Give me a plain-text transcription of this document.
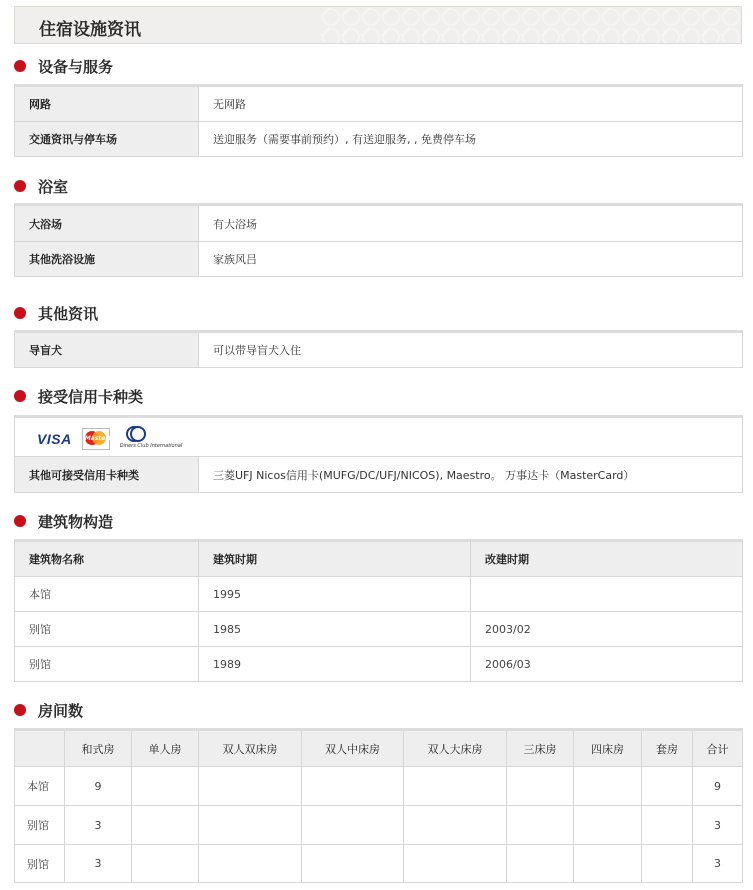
住宿设施资讯
设备与服务
网路	无网路
交通资讯与停车场	送迎服务（需要事前预约）, 有送迎服务, , 免费停车场
浴室
大浴场	有大浴场
其他洗浴设施	家族风吕
其他资讯
导盲犬	可以带导盲犬入住
接受信用卡种类
VISA MasterCard
Diners Club International
其他可接受信用卡种类	三菱UFJ Nicos信用卡(MUFG/DC/UFJ/NICOS), Maestro。 万事达卡（MasterCard）
建筑物构造
建筑物名称	建筑时期	改建时期
本馆	1995	
别馆	1985	2003/02
别馆	1989	2006/03
房间数
	和式房	单人房	双人双床房	双人中床房	双人大床房	三床房	四床房	套房	合计
本馆	9								9
别馆	3								3
别馆	3								3
